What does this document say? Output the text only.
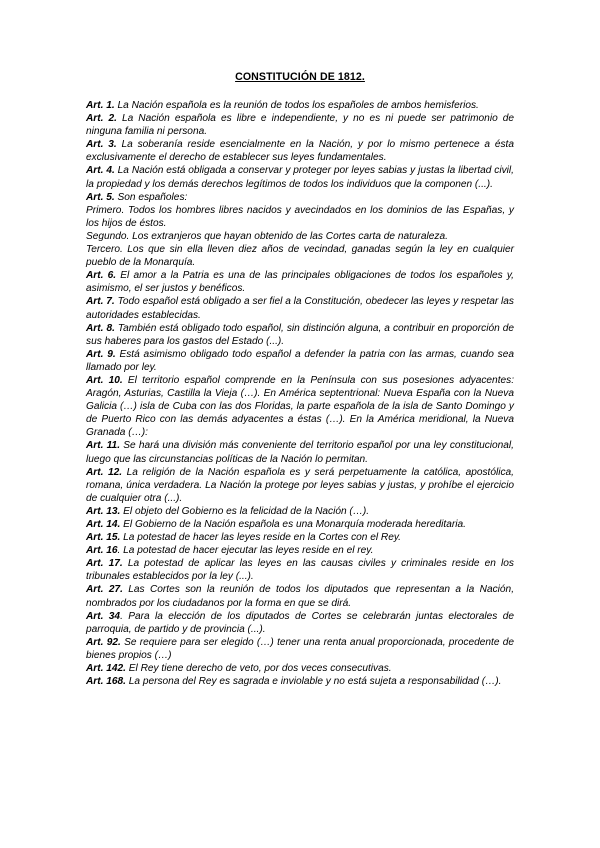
CONSTITUCIÓN DE 1812.

Art. 1. La Nación española es la reunión de todos los españoles de ambos hemisferios.

Art. 2. La Nación española es libre e independiente, y no es ni puede ser patrimonio de ninguna familia ni persona.

Art. 3. La soberanía reside esencialmente en la Nación, y por lo mismo pertenece a ésta exclusivamente el derecho de establecer sus leyes fundamentales.

Art. 4. La Nación está obligada a conservar y proteger por leyes sabias y justas la libertad civil, la propiedad y los demás derechos legítimos de todos los individuos que la componen (...).

Art. 5. Son españoles:

Primero. Todos los hombres libres nacidos y avecindados en los dominios de las Españas, y los hijos de éstos.

Segundo. Los extranjeros que hayan obtenido de las Cortes carta de naturaleza.

Tercero. Los que sin ella lleven diez años de vecindad, ganadas según la ley en cualquier pueblo de la Monarquía.

Art. 6. El amor a la Patria es una de las principales obligaciones de todos los españoles y, asimismo, el ser justos y benéficos.

Art. 7. Todo español está obligado a ser fiel a la Constitución, obedecer las leyes y respetar las autoridades establecidas.

Art. 8. También está obligado todo español, sin distinción alguna, a contribuir en proporción de sus haberes para los gastos del Estado (...).

Art. 9. Está asimismo obligado todo español a defender la patria con las armas, cuando sea llamado por ley.

Art. 10. El territorio español comprende en la Península con sus posesiones adyacentes: Aragón, Asturias, Castilla la Vieja (…). En América septentrional: Nueva España con la Nueva Galicia (…) isla de Cuba con las dos Floridas, la parte española de la isla de Santo Domingo y de Puerto Rico con las demás adyacentes a éstas (…). En la América meridional, la Nueva Granada (…):

Art. 11. Se hará una división más conveniente del territorio español por una ley constitucional, luego que las circunstancias políticas de la Nación lo permitan.

Art. 12. La religión de la Nación española es y será perpetuamente la católica, apostólica, romana, única verdadera. La Nación la protege por leyes sabias y justas, y prohíbe el ejercicio de cualquier otra (...).

Art. 13. El objeto del Gobierno es la felicidad de la Nación (…).

Art. 14. El Gobierno de la Nación española es una Monarquía moderada hereditaria.

Art. 15. La potestad de hacer las leyes reside en la Cortes con el Rey.

Art. 16. La potestad de hacer ejecutar las leyes reside en el rey.

Art. 17. La potestad de aplicar las leyes en las causas civiles y criminales reside en los tribunales establecidos por la ley (...).

Art. 27. Las Cortes son la reunión de todos los diputados que representan a la Nación, nombrados por los ciudadanos por la forma en que se dirá.

Art. 34. Para la elección de los diputados de Cortes se celebrarán juntas electorales de parroquia, de partido y de provincia (...).

Art. 92. Se requiere para ser elegido (…) tener una renta anual proporcionada, procedente de bienes propios (…)

Art. 142. El Rey tiene derecho de veto, por dos veces consecutivas.

Art. 168. La persona del Rey es sagrada e inviolable y no está sujeta a responsabilidad (…).
